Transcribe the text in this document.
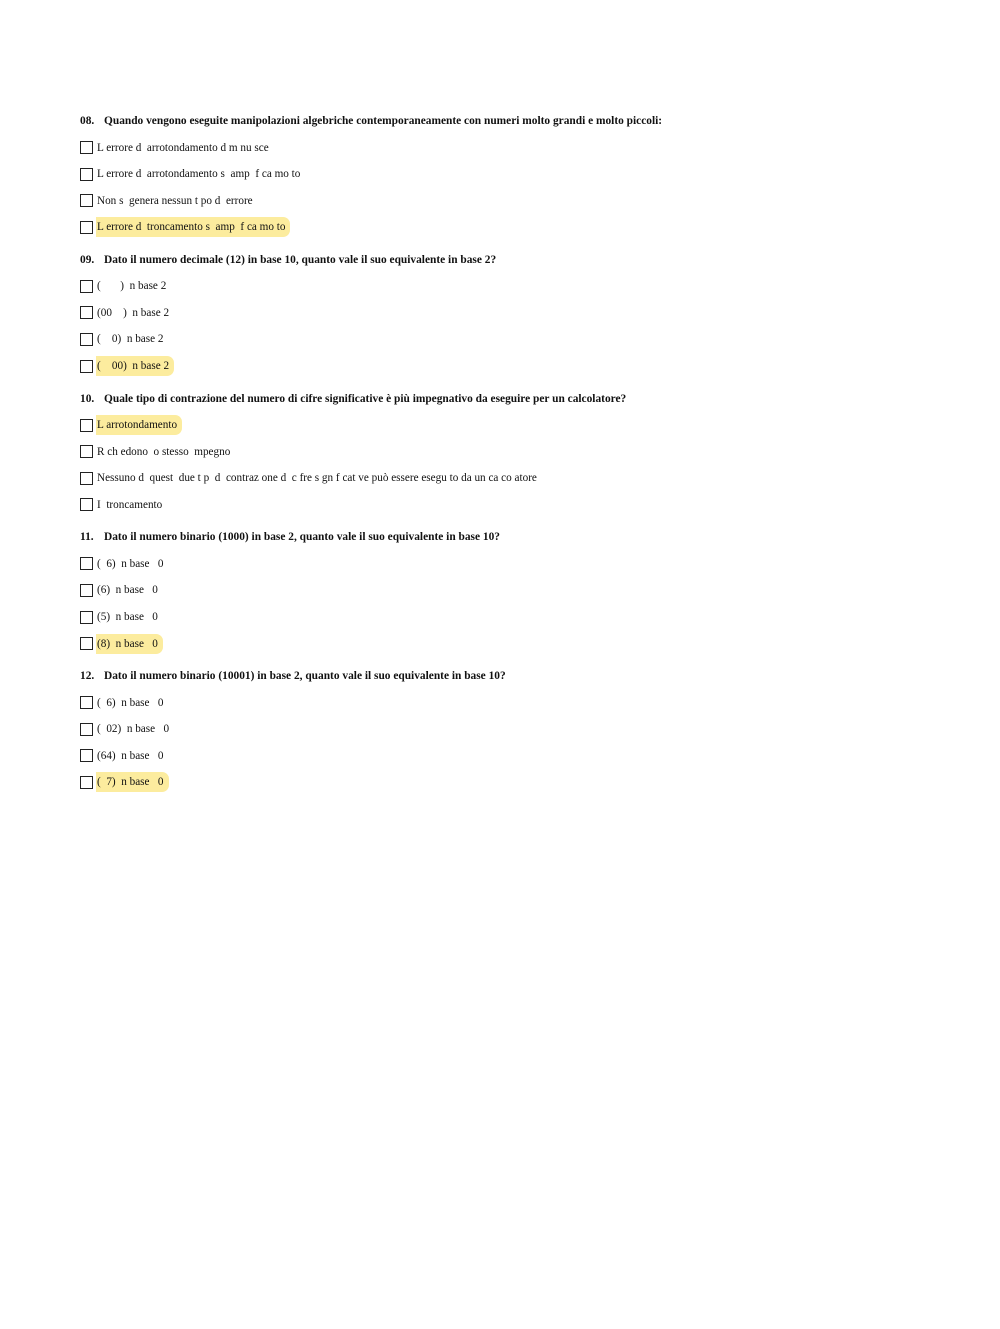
08. Quando vengono eseguite manipolazioni algebriche contemporaneamente con numeri molto grandi e molto piccoli:
L errore d  arrotondamento d m nu sce
L errore d  arrotondamento s  amp  f ca mo to
Non s  genera nessun t po d  errore
L errore d  troncamento s  amp  f ca mo to
09. Dato il numero decimale (12) in base 10, quanto vale il suo equivalente in base 2?
(       )  n base 2
(00    )  n base 2
(    0)  n base 2
(    00)  n base 2
10. Quale tipo di contrazione del numero di cifre significative è più impegnativo da eseguire per un calcolatore?
L arrotondamento
R ch edono  o stesso  mpegno
Nessuno d  quest  due t p  d  contraz one d  c fre s gn f cat ve può essere esegu to da un ca co atore
I  troncamento
11. Dato il numero binario (1000) in base 2, quanto vale il suo equivalente in base 10?
(  6)  n base   0
(6)  n base   0
(5)  n base   0
(8)  n base   0
12. Dato il numero binario (10001) in base 2, quanto vale il suo equivalente in base 10?
(  6)  n base   0
(  02)  n base   0
(64)  n base   0
(  7)  n base   0
